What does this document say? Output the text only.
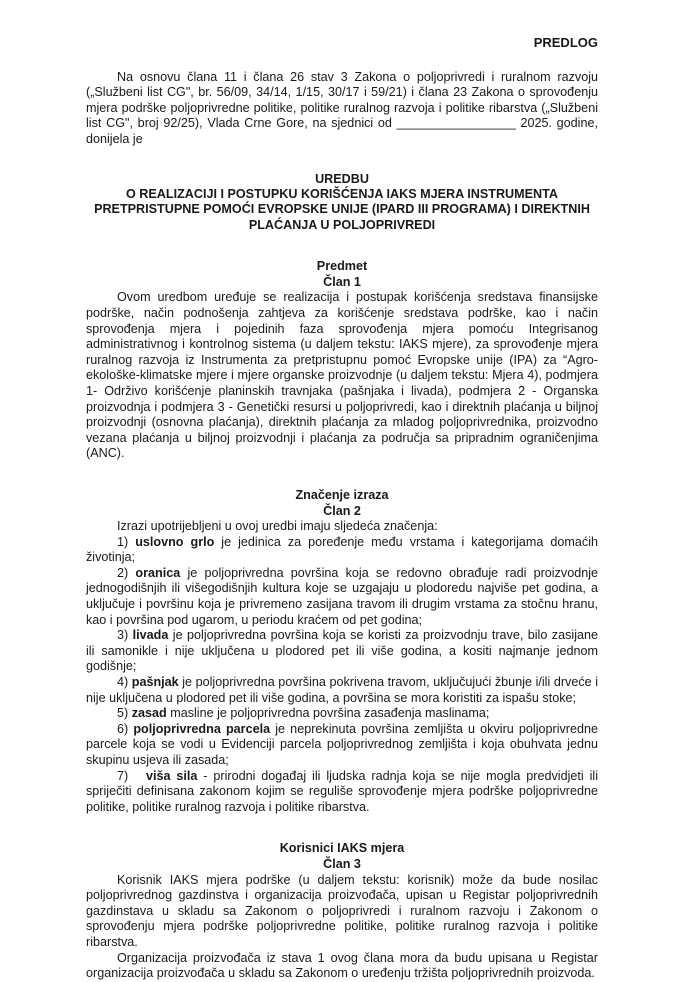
PREDLOG

Na osnovu člana 11 i člana 26 stav 3 Zakona o poljoprivredi i ruralnom razvoju („Službeni list CG", br. 56/09, 34/14, 1/15, 30/17 i 59/21) i člana 23 Zakona o sprovođenju mjera podrške poljoprivredne politike, politike ruralnog razvoja i politike ribarstva („Službeni list CG", broj 92/25), Vlada Crne Gore, na sjednici od _________________ 2025. godine, donijela je

UREDBU
O REALIZACIJI I POSTUPKU KORIŠĆENJA IAKS MJERA INSTRUMENTA PRETPRISTUPNE POMOĆI EVROPSKE UNIJE (IPARD III PROGRAMA) I DIREKTNIH PLAĆANJA U POLJOPRIVREDI
Predmet
Član 1

Ovom uredbom uređuje se realizacija i postupak korišćenja sredstava finansijske podrške, način podnošenja zahtjeva za korišćenje sredstava podrške, kao i način sprovođenja mjera i pojedinih faza sprovođenja mjera pomoću Integrisanog administrativnog i kontrolnog sistema (u daljem tekstu: IAKS mjere), za sprovođenje mjera ruralnog razvoja iz Instrumenta za pretpristupnu pomoć Evropske unije (IPA) za “Agro-ekološke-klimatske mjere i mjere organske proizvodnje (u daljem tekstu: Mjera 4), podmjera 1- Održivo korišćenje planinskih travnjaka (pašnjaka i livada), podmjera 2 - Organska proizvodnja i podmjera 3 - Genetički resursi u poljoprivredi, kao i direktnih plaćanja u biljnoj proizvodnji (osnovna plaćanja), direktnih plaćanja za mladog poljoprivrednika, proizvodno vezana plaćanja u biljnoj proizvodnji i plaćanja za područja sa pripradnim ograničenjima (ANC).

Značenje izraza
Član 2

Izrazi upotrijebljeni u ovoj uredbi imaju sljedeća značenja:

1) uslovno grlo je jedinica za poređenje među vrstama i kategorijama domaćih životinja;

2) oranica je poljoprivredna površina koja se redovno obrađuje radi proizvodnje jednogodišnjih ili višegodišnjih kultura koje se uzgajaju u plodoredu najviše pet godina, a uključuje i površinu koja je privremeno zasijana travom ili drugim vrstama za stočnu hranu, kao i površina pod ugarom, u periodu kraćem od pet godina;

3) livada je poljoprivredna površina koja se koristi za proizvodnju trave, bilo zasijane ili samonikle i nije uključena u plodored pet ili više godina, a kositi najmanje jednom godišnje;

4) pašnjak je poljoprivredna površina pokrivena travom, uključujući žbunje i/ili drveće i nije uključena u plodored pet ili više godina, a površina se mora koristiti za ispašu stoke;

5) zasad masline je poljoprivredna površina zasađenja maslinama;

6) poljoprivredna parcela je neprekinuta površina zemljišta u okviru poljoprivredne parcele koja se vodi u Evidenciji parcela poljoprivrednog zemljišta i koja obuhvata jednu skupinu usjeva ili zasada;

7) viša sila - prirodni događaj ili ljudska radnja koja se nije mogla predvidjeti ili spriječiti definisana zakonom kojim se reguliše sprovođenje mjera podrške poljoprivredne politike, politike ruralnog razvoja i politike ribarstva.

Korisnici IAKS mjera
Član 3

Korisnik IAKS mjera podrške (u daljem tekstu: korisnik) može da bude nosilac poljoprivrednog gazdinstva i organizacija proizvođača, upisan u Registar poljoprivrednih gazdinstava u skladu sa Zakonom o poljoprivredi i ruralnom razvoju i Zakonom o sprovođenju mjera podrške poljoprivredne politike, politike ruralnog razvoja i politike ribarstva.

Organizacija proizvođača iz stava 1 ovog člana mora da budu upisana u Registar organizacija proizvođača u skladu sa Zakonom o uređenju tržišta poljoprivrednih proizvoda.
